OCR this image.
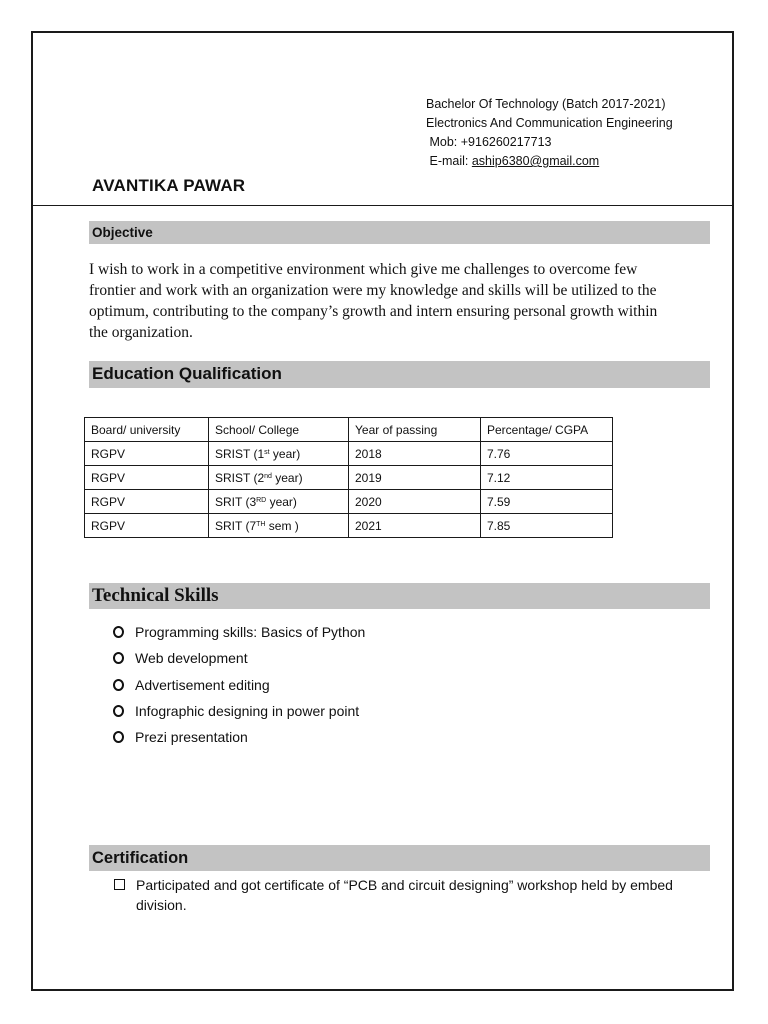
Bachelor Of Technology (Batch 2017-2021)
Electronics And Communication Engineering
Mob: +916260217713
E-mail: aship6380@gmail.com
AVANTIKA PAWAR
Objective
I wish to work in a competitive environment which give me challenges to overcome few frontier and work with an organization were my knowledge and skills will be utilized to the optimum, contributing to the company’s growth and intern ensuring personal growth within the organization.
Education Qualification
Board/ university	School/ College	Year of passing	Percentage/ CGPA
RGPV	SRIST (1st year)	2018	7.76
RGPV	SRIST (2nd year)	2019	7.12
RGPV	SRIT (3RD year)	2020	7.59
RGPV	SRIT (7TH sem )	2021	7.85
Technical Skills
Programming skills: Basics of Python
Web development
Advertisement editing
Infographic designing in power point
Prezi presentation
Certification
Participated and got certificate of “PCB and circuit designing” workshop held by embed division.
